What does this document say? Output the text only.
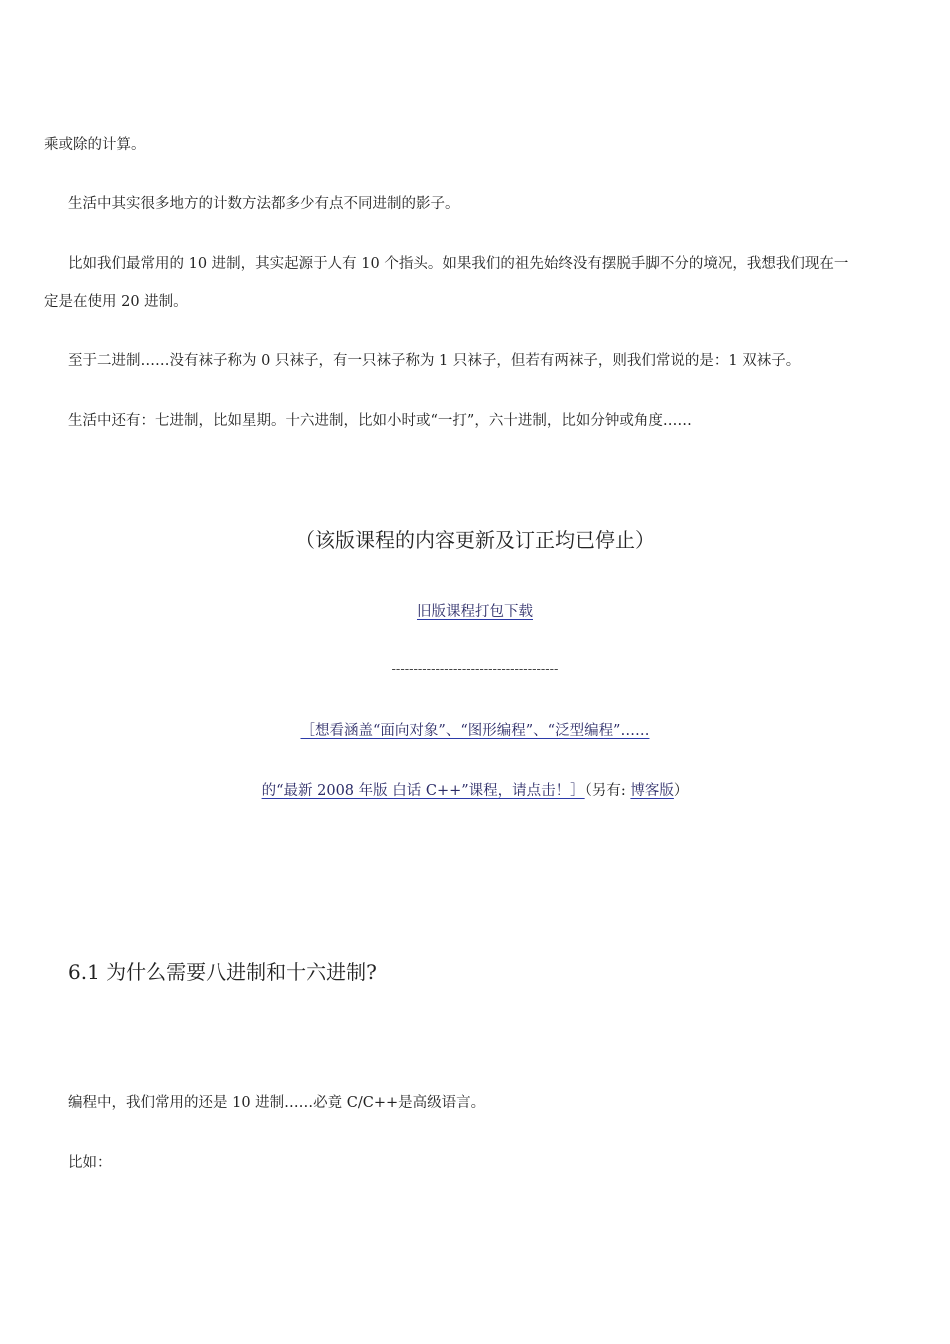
乘或除的计算。
生活中其实很多地方的计数方法都多少有点不同进制的影子。
比如我们最常用的 10 进制，其实起源于人有 10 个指头。如果我们的祖先始终没有摆脱手脚不分的境况，我想我们现在一
定是在使用 20 进制。
至于二进制……没有袜子称为 0 只袜子，有一只袜子称为 1 只袜子，但若有两袜子，则我们常说的是：1 双袜子。
生活中还有：七进制，比如星期。十六进制，比如小时或“一打”，六十进制，比如分钟或角度……
（该版课程的内容更新及订正均已停止）
旧版课程打包下载
--------------------------------------
［想看涵盖“面向对象”、“图形编程”、“泛型编程”……
的“最新 2008 年版 白话 C++”课程，请点击！］（另有: 博客版）
6.1 为什么需要八进制和十六进制?
编程中，我们常用的还是 10 进制……必竟 C/C++是高级语言。
比如：
